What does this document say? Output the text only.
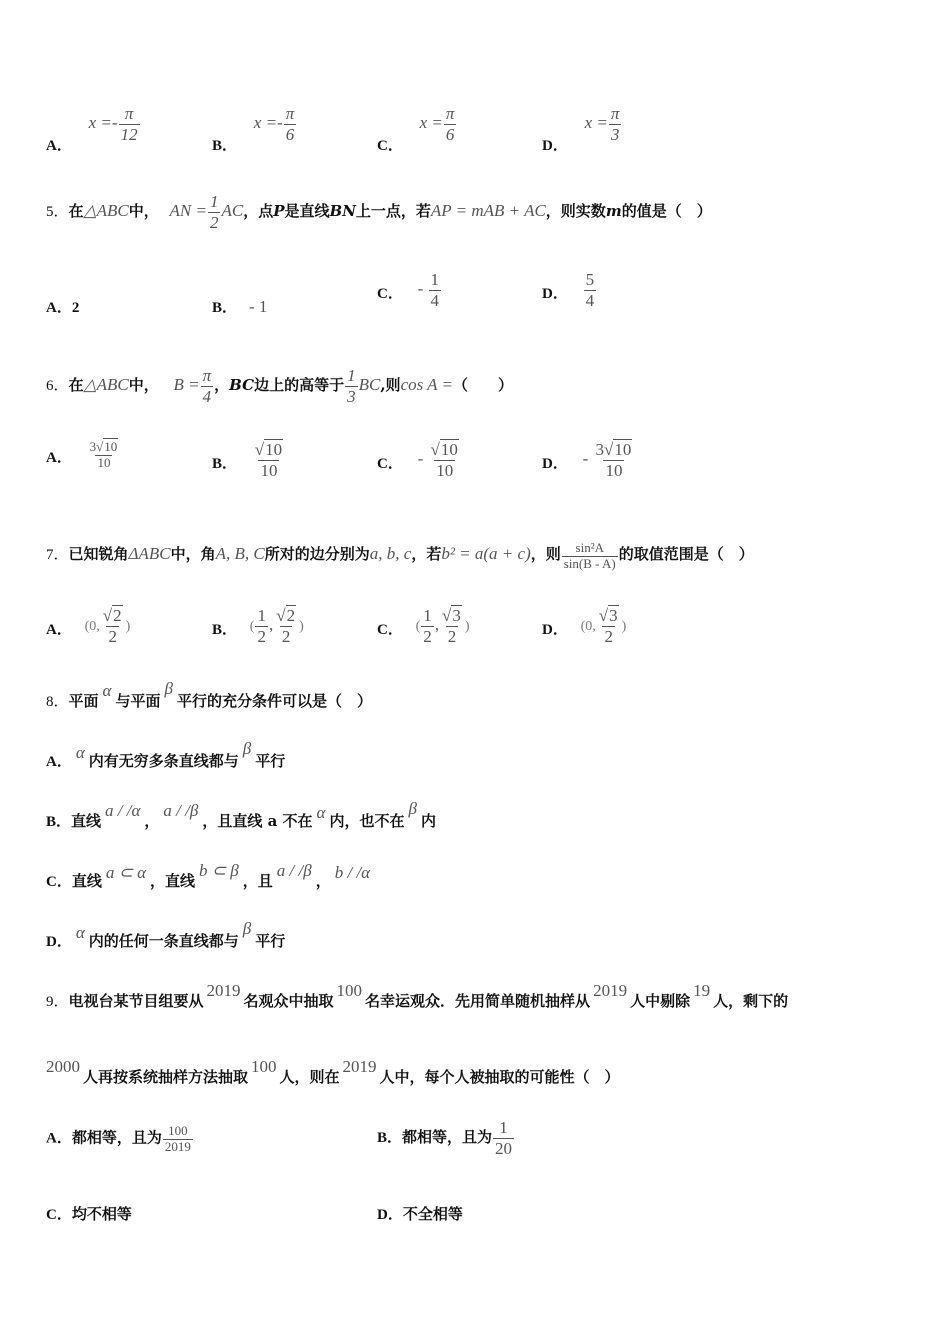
A． $x =- \frac{\pi}{12}$
B． $x =- \frac{\pi}{6}$
C． $x = \frac{\pi}{6}$
D． $x = \frac{\pi}{3}$
5．在△ABC中， AN = $\frac{1}{2}$ AC，点P是直线BN上一点，若AP = mAB + AC，则实数m的值是（　）
A．2	B． - 1
C． - $\frac{1}{4}$	D． $\frac{5}{4}$
6．在△ABC中， $B = \frac{\pi}{4}$ ，BC边上的高等于 $\frac{1}{3}$ BC,则cos A =（　　）
A． $\frac{3√10}{10}$	B． $\frac{√10}{10}$	C． - $\frac{√10}{10}$	D． - $\frac{3√10}{10}$
7．已知锐角ΔABC中，角A, B, C所对的边分别为a, b, c，若b² = a(a + c)，则 $\frac{\text{sin²A}}{\sin(B - A)}$ 的取值范围是（　）
A． (0, $\frac{√2}{2}$ )	B． ( $\frac{1}{2}$ , $\frac{√2}{2}$ )	C． ( $\frac{1}{2}$ , $\frac{√3}{2}$ )	D． (0, $\frac{√3}{2}$ )
8．平面α与平面β平行的充分条件可以是（　）
A． α 内有无穷多条直线都与β平行
B．直线a / /α，a / /β，且直线 a 不在 α 内，也不在β内
C．直线 a ⊂ α ，直线b ⊂ β，且a / /β， b / /α
D． α 内的任何一条直线都与β平行
9．电视台某节目组要从2019名观众中抽取100名幸运观众．先用简单随机抽样从2019人中剔除19人，剩下的
2000人再按系统抽样方法抽取100人，则在2019人中，每个人被抽取的可能性（　）
A．都相等，且为 $\frac{100}{2019}$	B．都相等，且为 $\frac{1}{20}$
C．均不相等	D．不全相等
